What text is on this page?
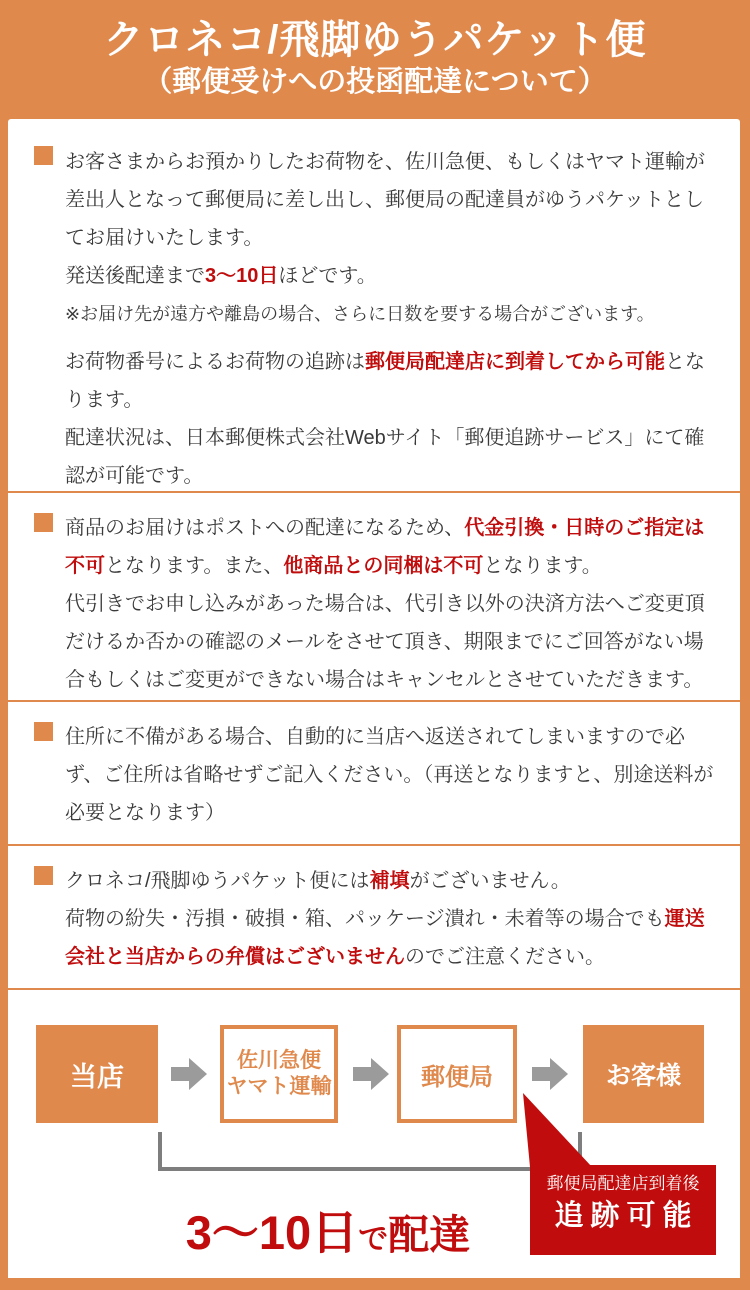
クロネコ/飛脚ゆうパケット便
（郵便受けへの投函配達について）
お客さまからお預かりしたお荷物を、佐川急便、もしくはヤマト運輸が差出人となって郵便局に差し出し、郵便局の配達員がゆうパケットとしてお届けいたします。
発送後配達まで3〜10日ほどです。
※お届け先が遠方や離島の場合、さらに日数を要する場合がございます。
お荷物番号によるお荷物の追跡は郵便局配達店に到着してから可能となります。
配達状況は、日本郵便株式会社Webサイト「郵便追跡サービス」にて確認が可能です。
商品のお届けはポストへの配達になるため、代金引換・日時のご指定は不可となります。また、他商品との同梱は不可となります。
代引きでお申し込みがあった場合は、代引き以外の決済方法へご変更頂だけるか否かの確認のメールをさせて頂き、期限までにご回答がない場合もしくはご変更ができない場合はキャンセルとさせていただきます。
住所に不備がある場合、自動的に当店へ返送されてしまいますので必ず、ご住所は省略せずご記入ください。（再送となりますと、別途送料が必要となります）
クロネコ/飛脚ゆうパケット便には補填がございません。
荷物の紛失・汚損・破損・箱、パッケージ潰れ・未着等の場合でも運送会社と当店からの弁償はございませんのでご注意ください。
当店
佐川急便
ヤマト運輸	郵便局	お客様
3〜10日で配達
郵便局配達店到着後
追跡可能
